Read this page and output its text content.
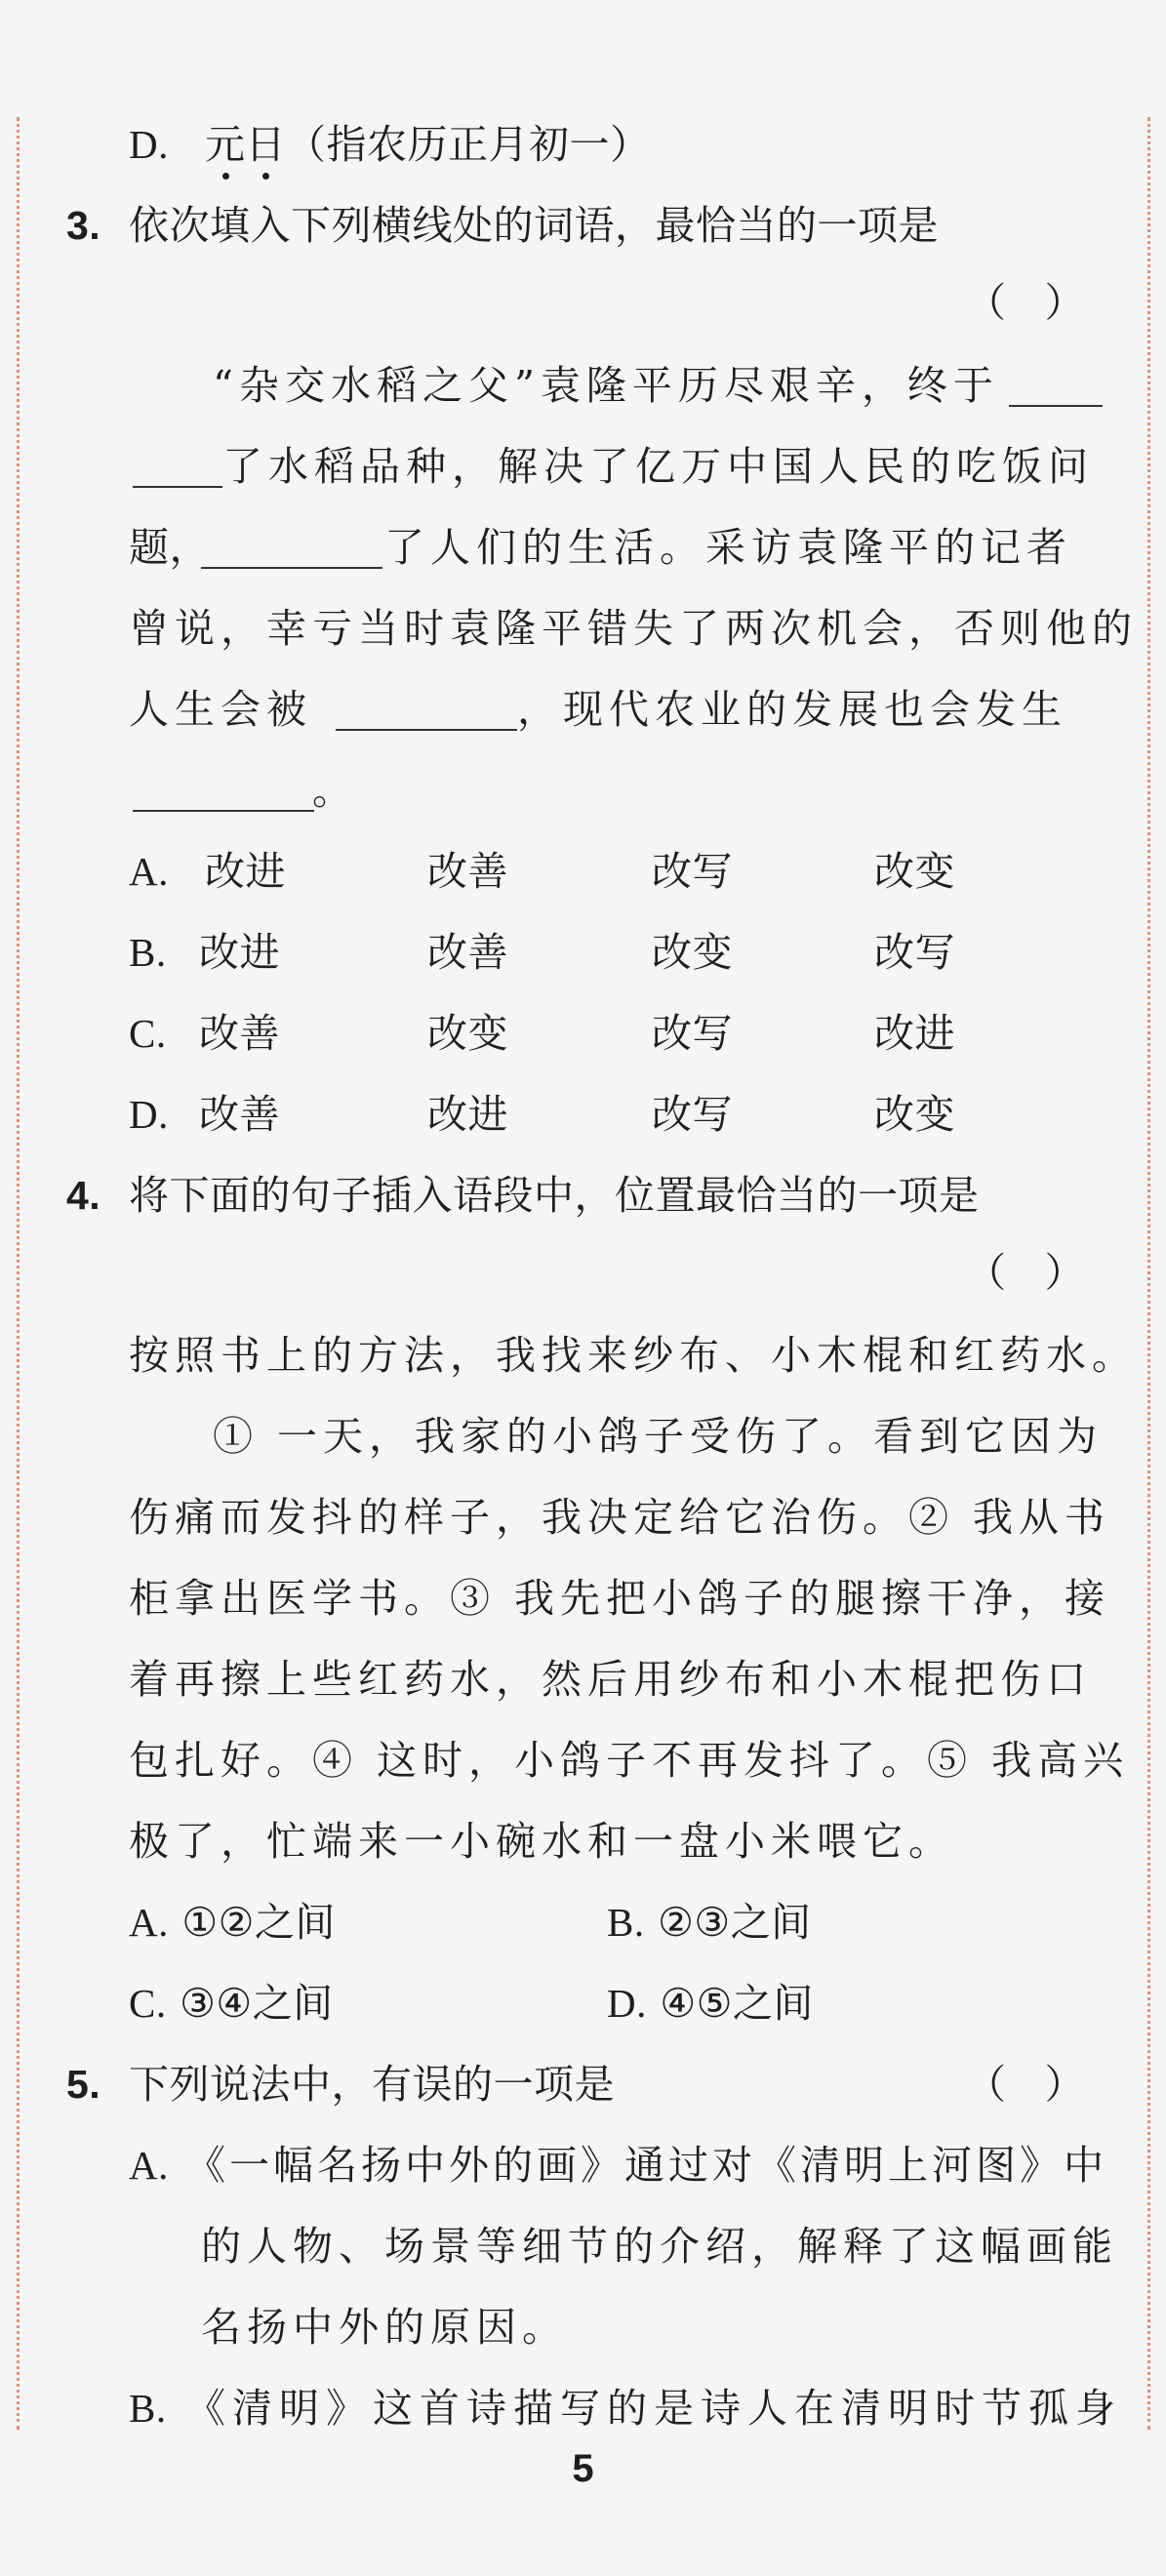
D. 元日（指农历正月初一）
3. 依次填入下列横线处的词语，最恰当的一项是
（ ）
“杂交水稻之父”袁隆平历尽艰辛，终于
了水稻品种，解决了亿万中国人民的吃饭问
题，	了人们的生活。采访袁隆平的记者
曾说，幸亏当时袁隆平错失了两次机会，否则他的
人生会被	，现代农业的发展也会发生
。
A. 改进	改善	改写	改变
B. 改进	改善	改变	改写
C. 改善	改变	改写	改进
D. 改善	改进	改写	改变
4. 将下面的句子插入语段中，位置最恰当的一项是
（ ）
按照书上的方法，我找来纱布、小木棍和红药水。
① 一天，我家的小鸽子受伤了。看到它因为
伤痛而发抖的样子，我决定给它治伤。② 我从书
柜拿出医学书。③ 我先把小鸽子的腿擦干净，接
着再擦上些红药水，然后用纱布和小木棍把伤口
包扎好。④ 这时，小鸽子不再发抖了。⑤ 我高兴
极了，忙端来一小碗水和一盘小米喂它。
A. ①②之间	B. ②③之间
C. ③④之间	D. ④⑤之间
5. 下列说法中，有误的一项是	（ ）
A. 《一幅名扬中外的画》通过对《清明上河图》中
的人物、场景等细节的介绍，解释了这幅画能
名扬中外的原因。
B. 《清明》这首诗描写的是诗人在清明时节孤身
5
